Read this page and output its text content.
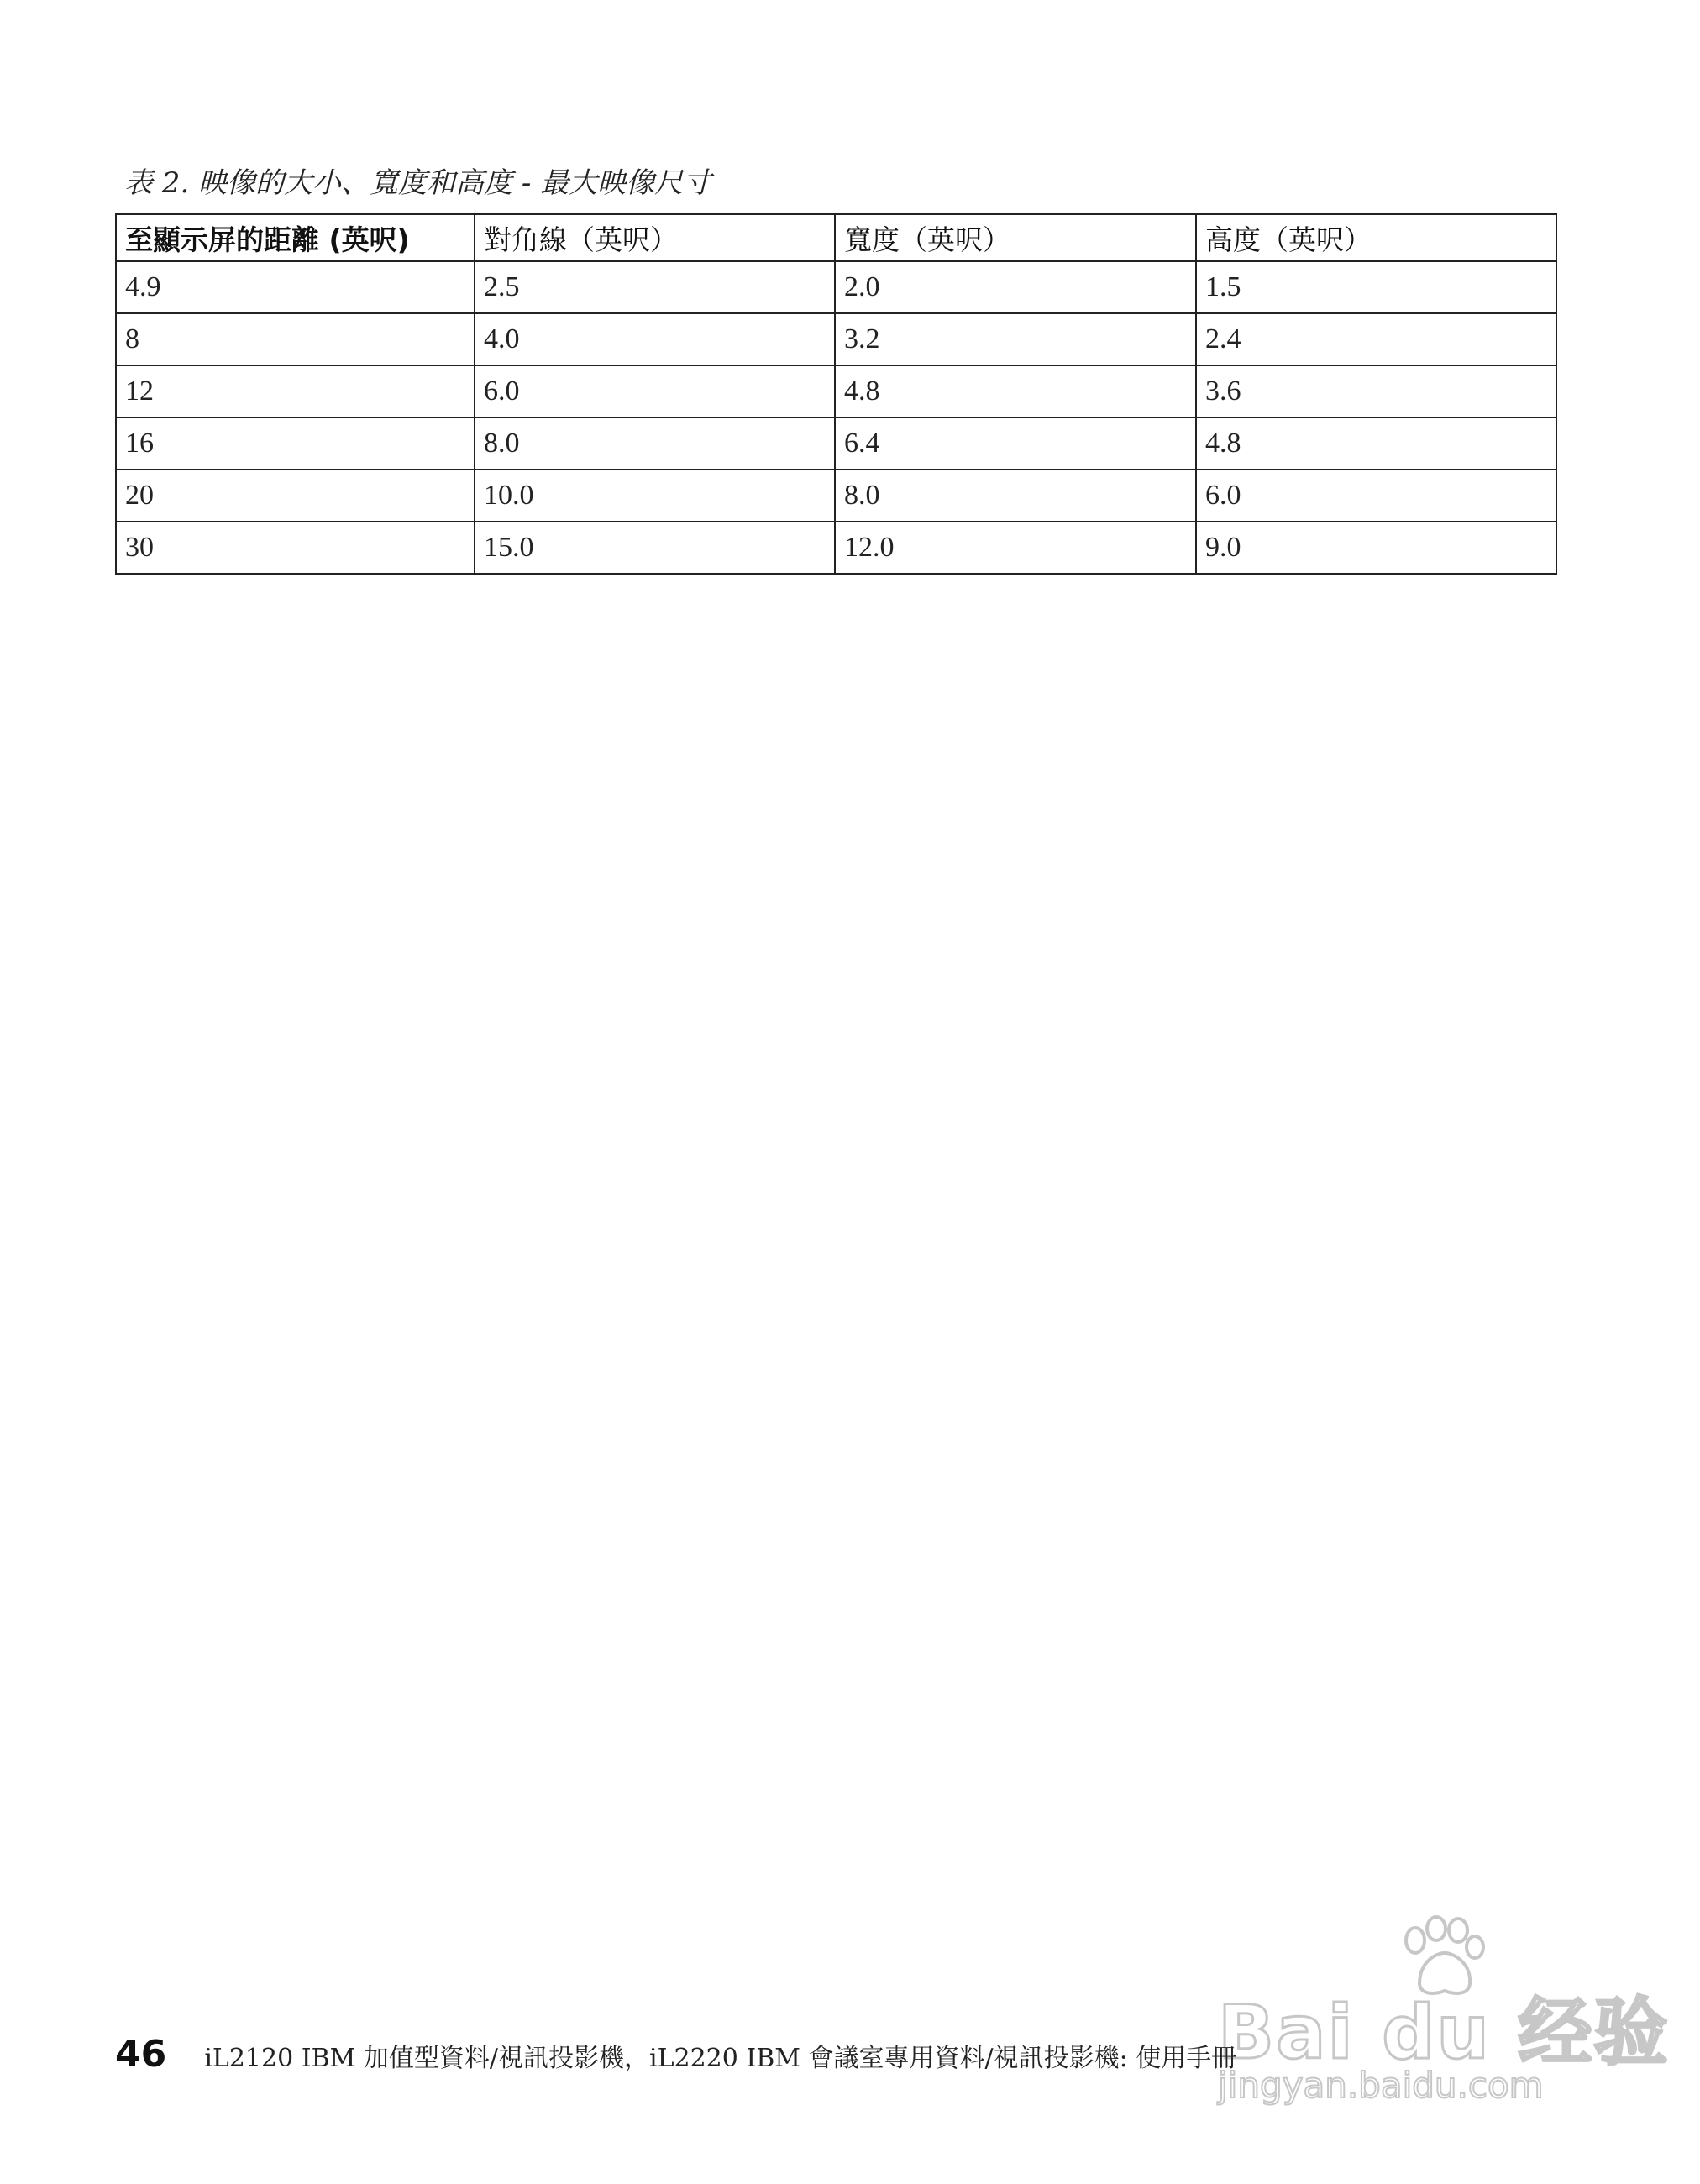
表 2. 映像的大小、寬度和高度 - 最大映像尺寸
至顯示屏的距離 (英呎)	對角線（英呎）	寬度（英呎）	高度（英呎）
4.9	2.5	2.0	1.5
8	4.0	3.2	2.4
12	6.0	4.8	3.6
16	8.0	6.4	4.8
20	10.0	8.0	6.0
30	15.0	12.0	9.0
Bai du 经验
jingyan.baidu.com
46 iL2120 IBM 加值型資料/視訊投影機，iL2220 IBM 會議室專用資料/視訊投影機: 使用手冊
